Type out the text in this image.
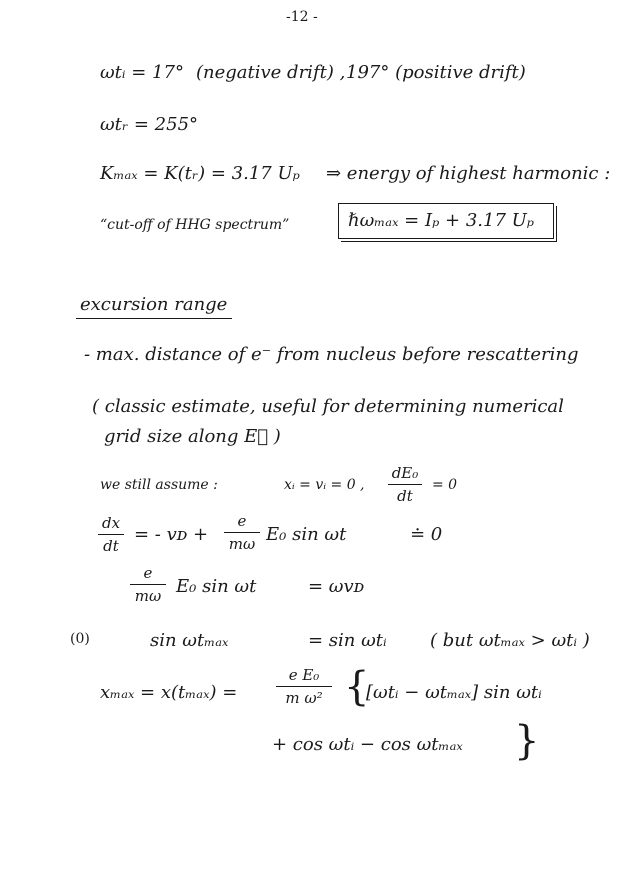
-12 -
ωtᵢ = 17° (negative drift) , 197° (positive drift)
ωtᵣ = 255°
Kₘₐₓ = K(tᵣ) = 3.17 Uₚ ⇒ energy of highest harmonic :
“cut-off of HHG spectrum”	ℏωₘₐₓ = Iₚ + 3.17 Uₚ
excursion range
- max. distance of e⁻ from nucleus before rescattering
( classic estimate, useful for determining numerical
grid size along E⃗ )
we still assume :	xᵢ = vᵢ = 0 ,
dE₀
dt
= 0
dx
dt
= - vᴅ +
e
mω E₀ sin ωt	≐ 0
e
mω E₀ sin ωt	= ωvᴅ
(0)	sin ωtₘₐₓ	= sin ωtᵢ ( but ωtₘₐₓ > ωtᵢ )
xₘₐₓ = x(tₘₐₓ) =
e E₀
m ω² {
[ωtᵢ − ωtₘₐₓ] sin ωtᵢ
+ cos ωtᵢ − cos ωtₘₐₓ }
